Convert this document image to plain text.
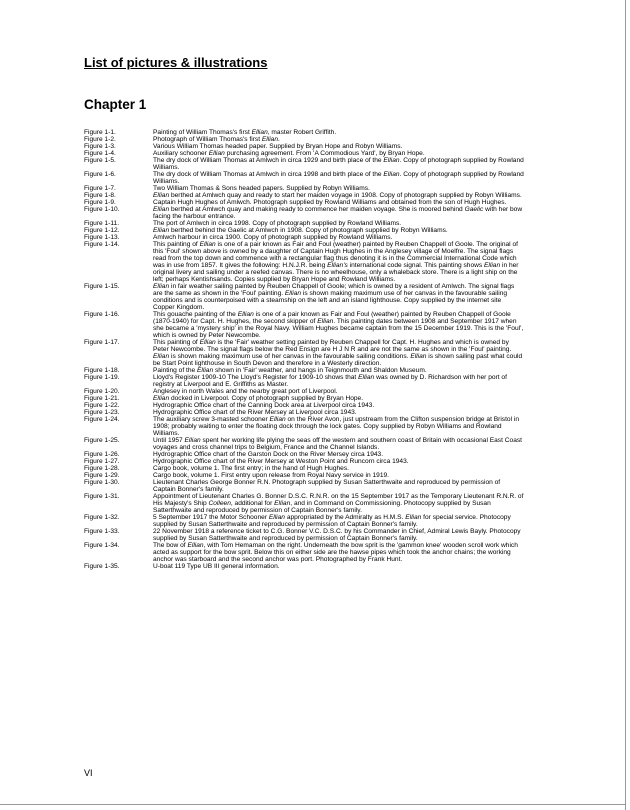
List of pictures & illustrations
Chapter 1
Figure 1-1.	Painting of William Thomas's first Ellian, master Robert Griffith.
Figure 1-2.	Photograph of William Thomas's first Ellian.
Figure 1-3.	Various William Thomas headed paper. Supplied by Bryan Hope and Robyn Williams.
Figure 1-4.	Auxiliary schooner Ellian purchasing agreement. From 'A Commodious Yard', by Bryan Hope.
Figure 1-5.	The dry dock of William Thomas at Amlwch in circa 1929 and birth place of the Ellian. Copy of photograph supplied by Rowland Williams.
Figure 1-6.	The dry dock of William Thomas at Amlwch in circa 1998 and birth place of the Ellian. Copy of photograph supplied by Rowland Williams.
Figure 1-7.	Two William Thomas & Sons headed papers. Supplied by Robyn Williams.
Figure 1-8.	Ellian berthed at Amlwch quay and ready to start her maiden voyage in 1908. Copy of photograph supplied by Robyn Williams.
Figure 1-9.	Captain Hugh Hughes of Amlwch. Photograph supplied by Rowland Williams and obtained from the son of Hugh Hughes.
Figure 1-10.	Ellian berthed at Amlwch quay and making ready to commence her maiden voyage. She is moored behind Gaelic with her bow facing the harbour entrance.
Figure 1-11.	The port of Amlwch in circa 1998. Copy of photograph supplied by Rowland Williams.
Figure 1-12.	Ellian berthed behind the Gaelic at Amlwch in 1908. Copy of photograph supplied by Robyn Williams.
Figure 1-13.	Amlwch harbour in circa 1900. Copy of photograph supplied by Rowland Williams.
Figure 1-14.	This painting of Ellian is one of a pair known as Fair and Foul (weather) painted by Reuben Chappell of Goole. The original of this 'Foul' shown above is owned by a daughter of Captain Hugh Hughes in the Anglesey village of Moelfre. The signal flags read from the top down and commence with a rectangular flag thus denoting it is in the Commercial International Code which was in use from 1857. It gives the following: H.N.J.R. being Ellian's international code signal. This painting shows Ellian in her original livery and sailing under a reefed canvas. There is no wheelhouse, only a whaleback store. There is a light ship on the left; perhaps Kentishsands. Copies supplied by Bryan Hope and Rowland Williams.
Figure 1-15.	Ellian in fair weather sailing painted by Reuben Chappell of Goole; which is owned by a resident of Amlwch. The signal flags are the same as shown in the 'Foul' painting. Ellian is shown making maximum use of her canvas in the favourable sailing conditions and is counterpoised with a steamship on the left and an island lighthouse. Copy supplied by the internet site Copper Kingdom.
Figure 1-16.	This gouache painting of the Ellian is one of a pair known as Fair and Foul (weather) painted by Reuben Chappell of Goole (1870-1940) for Capt. H. Hughes, the second skipper of Ellian. This painting dates between 1908 and September 1917 when she became a 'mystery ship' in the Royal Navy. William Hughes became captain from the 15 December 1919. This is the 'Foul', which is owned by Peter Newcombe.
Figure 1-17.	This painting of Ellian is the 'Fair' weather setting painted by Reuben Chappell for Capt. H. Hughes and which is owned by Peter Newcombe. The signal flags below the Red Ensign are H J N R and are not the same as shown in the 'Foul' painting. Ellian is shown making maximum use of her canvas in the favourable sailing conditions. Ellian is shown sailing past what could be Start Point lighthouse in South Devon and therefore in a Westerly direction.
Figure 1-18.	Painting of the Ellian shown in 'Fair' weather, and hangs in Teignmouth and Shaldon Museum.
Figure 1-19.	Lloyd's Register 1909-10 The Lloyd's Register for 1909-10 shows that Ellian was owned by D. Richardson with her port of registry at Liverpool and E. Griffiths as Master.
Figure 1-20.	Anglesey in north Wales and the nearby great port of Liverpool.
Figure 1-21.	Ellian docked in Liverpool. Copy of photograph supplied by Bryan Hope.
Figure 1-22.	Hydrographic Office chart of the Canning Dock area at Liverpool circa 1943.
Figure 1-23.	Hydrographic Office chart of the River Mersey at Liverpool circa 1943.
Figure 1-24.	The auxiliary screw 3-masted schooner Ellian on the River Avon, just upstream from the Clifton suspension bridge at Bristol in 1908; probably waiting to enter the floating dock through the lock gates. Copy supplied by Robyn Williams and Rowland Williams.
Figure 1-25.	Until 1957 Ellian spent her working life plying the seas off the western and southern coast of Britain with occasional East Coast voyages and cross channel trips to Belgium, France and the Channel Islands.
Figure 1-26.	Hydrographic Office chart of the Garston Dock on the River Mersey circa 1943.
Figure 1-27.	Hydrographic Office chart of the River Mersey at Weston Point and Runcorn circa 1943.
Figure 1-28.	Cargo book, volume 1. The first entry; in the hand of Hugh Hughes.
Figure 1-29.	Cargo book, volume 1. First entry upon release from Royal Navy service in 1919.
Figure 1-30.	Lieutenant Charles George Bonner R.N. Photograph supplied by Susan Satterthwaite and reproduced by permission of Captain Bonner's family.
Figure 1-31.	Appointment of Lieutenant Charles G. Bonner D.S.C. R.N.R. on the 15 September 1917 as the Temporary Lieutenant R.N.R. of His Majesty's Ship Colleen, additional for Ellian, and in Command on Commissioning. Photocopy supplied by Susan Satterthwaite and reproduced by permission of Captain Bonner's family.
Figure 1-32.	5 September 1917 the Motor Schooner Ellian appropriated by the Admiralty as H.M.S. Ellian for special service. Photocopy supplied by Susan Satterthwaite and reproduced by permission of Captain Bonner's family.
Figure 1-33.	22 November 1918 a reference ticket to C.G. Bonner V.C. D.S.C. by his Commander in Chief, Admiral Lewis Bayly. Photocopy supplied by Susan Satterthwaite and reproduced by permission of Captain Bonner's family.
Figure 1-34.	The bow of Ellian, with Tom Hemaman on the right. Underneath the bow sprit is the 'gammon knee' wooden scroll work which acted as support for the bow sprit. Below this on either side are the hawse pipes which took the anchor chains; the working anchor was starboard and the second anchor was port. Photographed by Frank Hunt.
Figure 1-35.	U-boat 119 Type UB III general information.

VI
